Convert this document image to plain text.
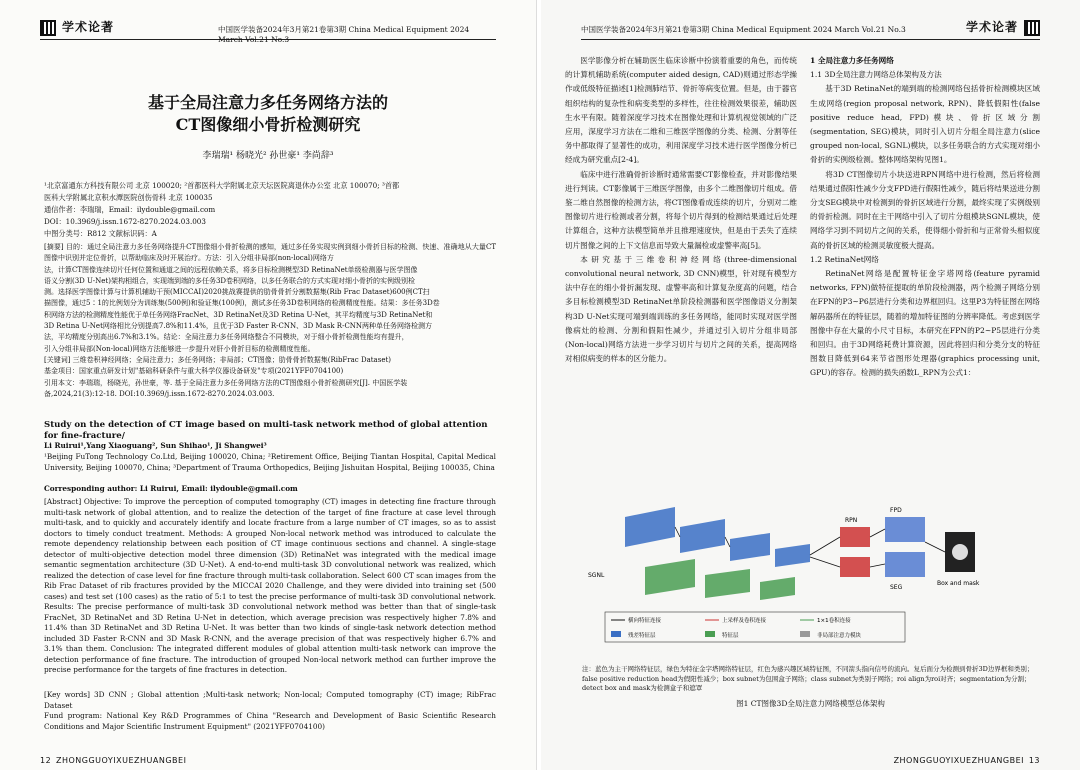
学术论著	中国医学装备2024年3月第21卷第3期 China Medical Equipment 2024 March Vol.21 No.3
基于全局注意力多任务网络方法的
CT图像细小骨折检测研究
李瑞瑞¹ 杨晓光² 孙世豪¹ 李尚辞³
¹北京富通东方科技有限公司 北京 100020; ²首都医科大学附属北京天坛医院离退休办公室 北京 100070; ³首都
医科大学附属北京积水潭医院创伤骨科 北京 100035
通信作者：李瑞瑞，Email：ilydouble@gmail.com
DOI：10.3969/j.issn.1672-8270.2024.03.003
中图分类号：R812 文献标识码：A
[摘要] 目的：通过全局注意力多任务网络提升CT图像细小骨折检测的感知，通过多任务实现实例到细小骨折目标的检测、快速、准确地从大量CT图像中识别并定位骨折，以帮助临床及时开展治疗。方法：引入分组非局部(non-local)网络方
法，计算CT图像连续切片任何位置和通道之间的远程依赖关系，将多目标检测模型3D RetinaNet单级检测器与医学图像
语义分割(3D U-Net)架构相组合，实现端到端的多任务3D卷积网络，以多任务联合的方式实现对细小骨折的实例级别检
测。选择医学图像计算与计算机辅助干预(MICCAI)2020挑战赛提供的肋骨骨折分割数据集(Rib Frac Dataset)600例CT扫
描图像，通过5∶1的比例划分为训练集(500例)和验证集(100例)，测试多任务3D卷积网络的检测精度性能。结果：多任务3D卷
积网络方法的检测精度性能优于单任务网络FracNet、3D RetinaNet及3D Retina U-Net，其平均精度与3D RetinaNet和
3D Retina U-Net网络相比分别提高7.8%和11.4%，且优于3D Faster R-CNN、3D Mask R-CNN两种单任务网络检测方
法，平均精度分别高出6.7%和3.1%。结论：全局注意力多任务网络整合不同模块，对于细小骨折检测性能均有提升，
引入分组非局部(Non-local)网络方法能够进一步提升对肝小骨折目标的检测精度性能。
[关键词] 三维卷积神经网络；全局注意力；多任务网络；非局部；CT图像；肋骨骨折数据集(RibFrac Dataset)
基金项目：国家重点研发计划"基础科研条件与重大科学仪器设备研发"专项(2021YFF0704100)
引用本文：李瑞瑞，杨晓光，孙世豪，等. 基于全局注意力多任务网络方法的CT图像细小骨折检测研究[J]. 中国医学装
备,2024,21(3):12-18. DOI:10.3969/j.issn.1672-8270.2024.03.003.
Study on the detection of CT image based on multi-task network method of global attention for fine-fracture/
Li Ruirui¹,Yang Xiaoguang², Sun Shihao¹, Ji Shangwei³
¹Beijing FuTong Technology Co.Ltd, Beijing 100020, China; ²Retirement Office, Beijing Tiantan Hospital, Capital Medical University, Beijing 100070, China; ³Department of Trauma Orthopedics, Beijing Jishuitan Hospital, Beijing 100035, China
Corresponding author: Li Ruirui, Email: ilydouble@gmail.com
[Abstract] Objective: To improve the perception of computed tomography (CT) images in detecting fine fracture through multi-task network of global attention, and to realize the detection of the target of fine fracture at case level through multi-task, and to quickly and accurately identify and locate fracture from a large number of CT images, so as to assist doctors to timely conduct treatment. Methods: A grouped Non-local network method was introduced to calculate the remote dependency relationship between each position of CT image continuous sections and channel. A single-stage detector of multi-objective detection model three dimension (3D) RetinaNet was integrated with the medical image semantic segmentation architecture (3D U-Net). A end-to-end multi-task 3D convolutional network was realized, which realized the detection of case level for fine fracture through multi-task collaboration. Select 600 CT scan images from the Rib Frac Dataset of rib fractures provided by the MICCAI 2020 Challenge, and they were divided into training set (500 cases) and test set (100 cases) as the ratio of 5:1 to test the precise performance of multi-task 3D convolutional network. Results: The precise performance of multi-task 3D convolutional network method was better than that of single-task FracNet, 3D RetinaNet and 3D Retina U-Net in detection, which average precision was respectively higher 7.8% and 11.4% than 3D RetinaNet and 3D Retina U-Net. It was better than two kinds of single-task network detection method included 3D Faster R-CNN and 3D Mask R-CNN, and the average precision of that was respectively higher 6.7% and 3.1% than them. Conclusion: The integrated different modules of global attention multi-task network can improve the detection performance of fine fracture. The introduction of grouped Non-local network method can further improve the precise performance for the targets of fine fractures in detection.
[Key words] 3D CNN ; Global attention ;Multi-task network; Non-local; Computed tomography (CT) image; RibFrac Dataset
Fund program: National Key R&D Programmes of China "Research and Development of Basic Scientific Research Conditions and Major Scientific Instrument Equipment" (2021YFF0704100)
12 ZHONGGUOYIXUEZHUANGBEI
中国医学装备2024年3月第21卷第3期 China Medical Equipment 2024 March Vol.21 No.3	学术论著

医学影像分析在辅助医生临床诊断中扮演着重要的角色，而传统的计算机辅助系统(computer aided design, CAD)则通过形态学操作或低级特征描述[1]检测肺结节、骨折等病变位置。但是，由于器官组织结构的复杂性和病变类型的多样性，往往检测效果很差，辅助医生水平有限。随着深度学习技术在图像处理和计算机视觉领域的广泛应用，深度学习方法在二维和三维医学图像的分类、检测、分割等任务中都取得了显著性的成功，利用深度学习技术进行医学图像分析已经成为研究重点[2-4]。

临床中进行准确骨折诊断时通常需要CT影像检查，并对影像结果进行判读。CT影像属于三维医学图像，由多个二维图像切片组成。借鉴二维自然图像的检测方法，将CT图像看成连续的切片，分别对二维图像切片进行检测或者分割，将每个切片得到的检测结果通过后处理计算组合，这种方法模型简单并且推理速度快，但是由于丢失了连续切片图像之间的上下文信息而导致大量漏检或虚警率高[5]。

本研究基于三维卷积神经网络(three-dimensional convolutional neural network, 3D CNN)模型，针对现有模型方法中存在的细小骨折漏发现、虚警率高和计算复杂度高的问题，结合多目标检测模型3D RetinaNet单阶段检测器和医学图像语义分割架构3D U-Net实现可端到端训练的多任务网络，能同时实现对医学图像病灶的检测、分割和假阳性减少，并通过引入切片分组非局部(Non-local)网络方法进一步学习切片与切片之间的关系，提高网络对相似病变的样本的区分能力。

1 全局注意力多任务网络

1.1 3D全局注意力网络总体架构及方法

基于3D RetinaNet的端到端的检测网络包括骨折检测模块区域生成网络(region proposal network, RPN)、降低假阳性(false positive reduce head, FPD)模块、骨折区域分割(segmentation, SEG)模块，同时引入切片分组全局注意力(slice grouped non-local, SGNL)模块，以多任务联合的方式实现对细小骨折的实例级检测。整体网络架构见图1。

将3D CT图像切片小块送进RPN网络中进行检测，然后将检测结果通过假阳性减少分支FPD进行假阳性减少，随后将结果送进分割分支SEG模块中对检测到的骨折区域进行分割，最终实现了实例级别的骨折检测。同时在主干网络中引入了切片分组模块SGNL模块，使网络学习到不同切片之间的关系，使得细小骨折和与正常骨头相似度高的骨折区域的检测灵敏度极大提高。

1.2 RetinaNet网络

RetinaNet网络是配置特征金字塔网络(feature pyramid networks, FPN)做特征提取的单阶段检测器，两个检测子网络分别在FPN的P3~P6层进行分类和边界框回归。这里P3为特征图在网络解码器所在的特征层，随着的增加特征图的分辨率降低。考虑到医学图像中存在大量的小尺寸目标，本研究在FPN的P2~P5层进行分类和回归。由于3D网络耗费计算资源，因此将回归和分类分支的特征图数目降低到64来节省图形处理器(graphics processing unit, GPU)的容存。检测的损失函数L_RPN为公式1：

SGNL
RPN
FPD
SEG
Box and mask
横向特征连接	上采样及卷积连接	1×1卷积连接
残差特征层	特征层	非局部注意力模块
注：蓝色为主干网络特征层，绿色为特征金字塔网络特征层，红色为感兴趣区域特征图，不同箭头指向信号的流向。复后面分为检测到骨折3D边界框和类别；false positive reduction head为假阳性减少；box subnet为包围盒子网络；class subnet为类别子网络；roi align为roi对齐；segmentation为分割；detect box and mask为检测盒子和遮罩
图1 CT图像3D全局注意力网络模型总体架构
ZHONGGUOYIXUEZHUANGBEI 13
